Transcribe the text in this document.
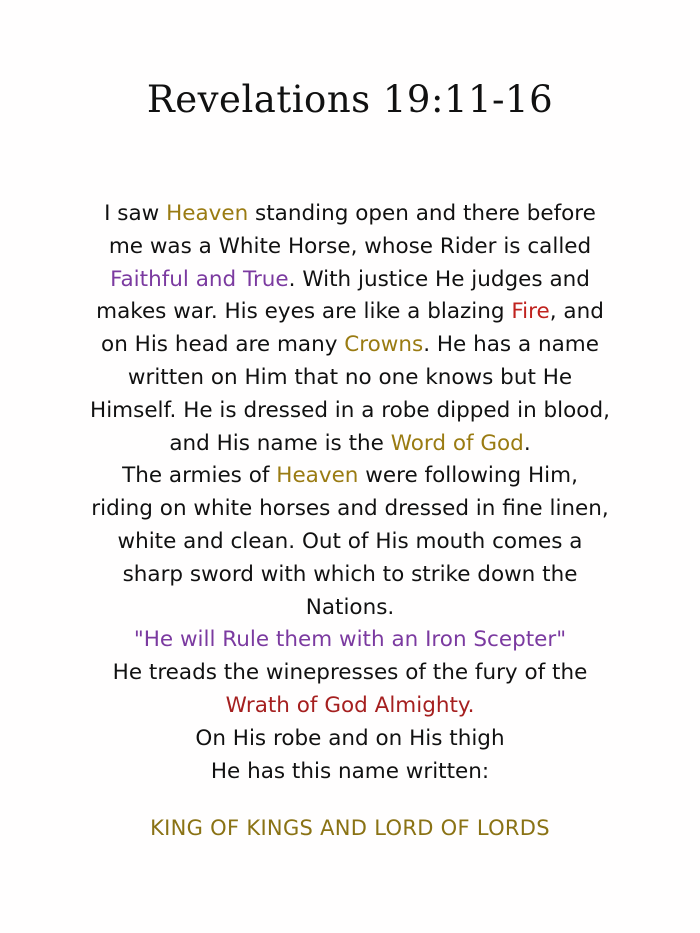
Revelations 19:11-16
I saw Heaven standing open and there before
me was a White Horse, whose Rider is called
Faithful and True. With justice He judges and
makes war. His eyes are like a blazing Fire, and
on His head are many Crowns. He has a name
written on Him that no one knows but He
Himself. He is dressed in a robe dipped in blood,
and His name is the Word of God.
The armies of Heaven were following Him,
riding on white horses and dressed in fine linen,
white and clean. Out of His mouth comes a
sharp sword with which to strike down the
Nations.
"He will Rule them with an Iron Scepter"
He treads the winepresses of the fury of the
Wrath of God Almighty.
On His robe and on His thigh
He has this name written:
KING OF KINGS AND LORD OF LORDS
